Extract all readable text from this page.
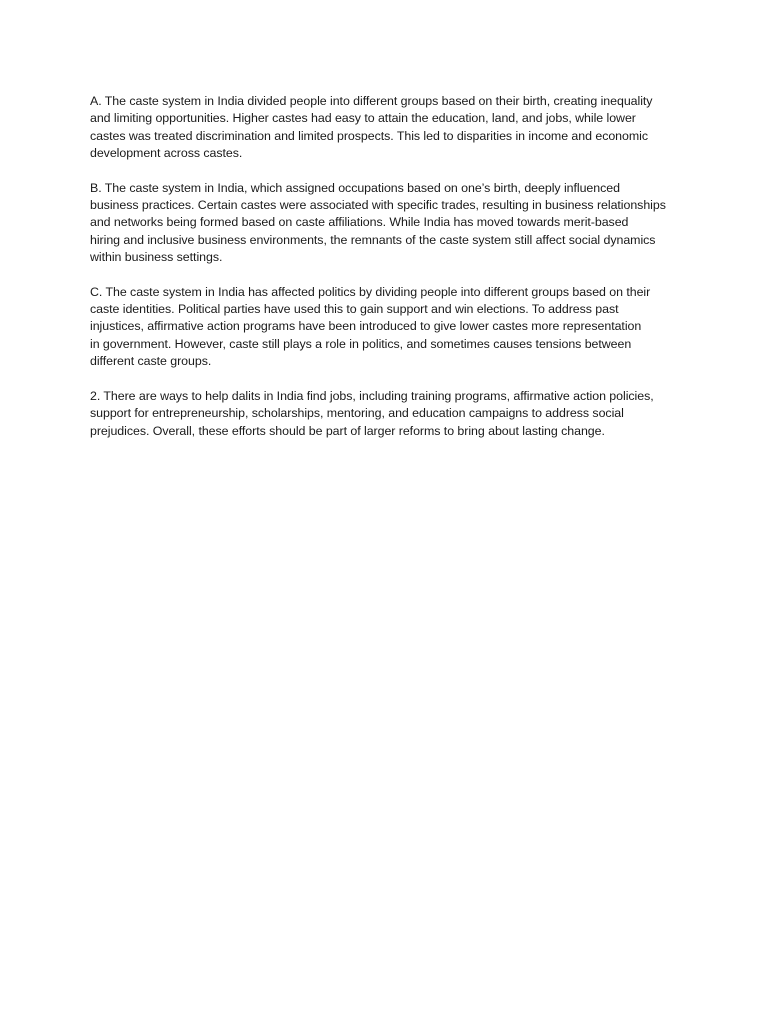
A. The caste system in India divided people into different groups based on their birth, creating inequality
and limiting opportunities. Higher castes had easy to attain the education, land, and jobs, while lower
castes was treated discrimination and limited prospects. This led to disparities in income and economic
development across castes.

B. The caste system in India, which assigned occupations based on one’s birth, deeply influenced
business practices. Certain castes were associated with specific trades, resulting in business relationships
and networks being formed based on caste affiliations. While India has moved towards merit-based
hiring and inclusive business environments, the remnants of the caste system still affect social dynamics
within business settings.

C. The caste system in India has affected politics by dividing people into different groups based on their
caste identities. Political parties have used this to gain support and win elections. To address past
injustices, affirmative action programs have been introduced to give lower castes more representation
in government. However, caste still plays a role in politics, and sometimes causes tensions between
different caste groups.

2. There are ways to help dalits in India find jobs, including training programs, affirmative action policies,
support for entrepreneurship, scholarships, mentoring, and education campaigns to address social
prejudices. Overall, these efforts should be part of larger reforms to bring about lasting change.
